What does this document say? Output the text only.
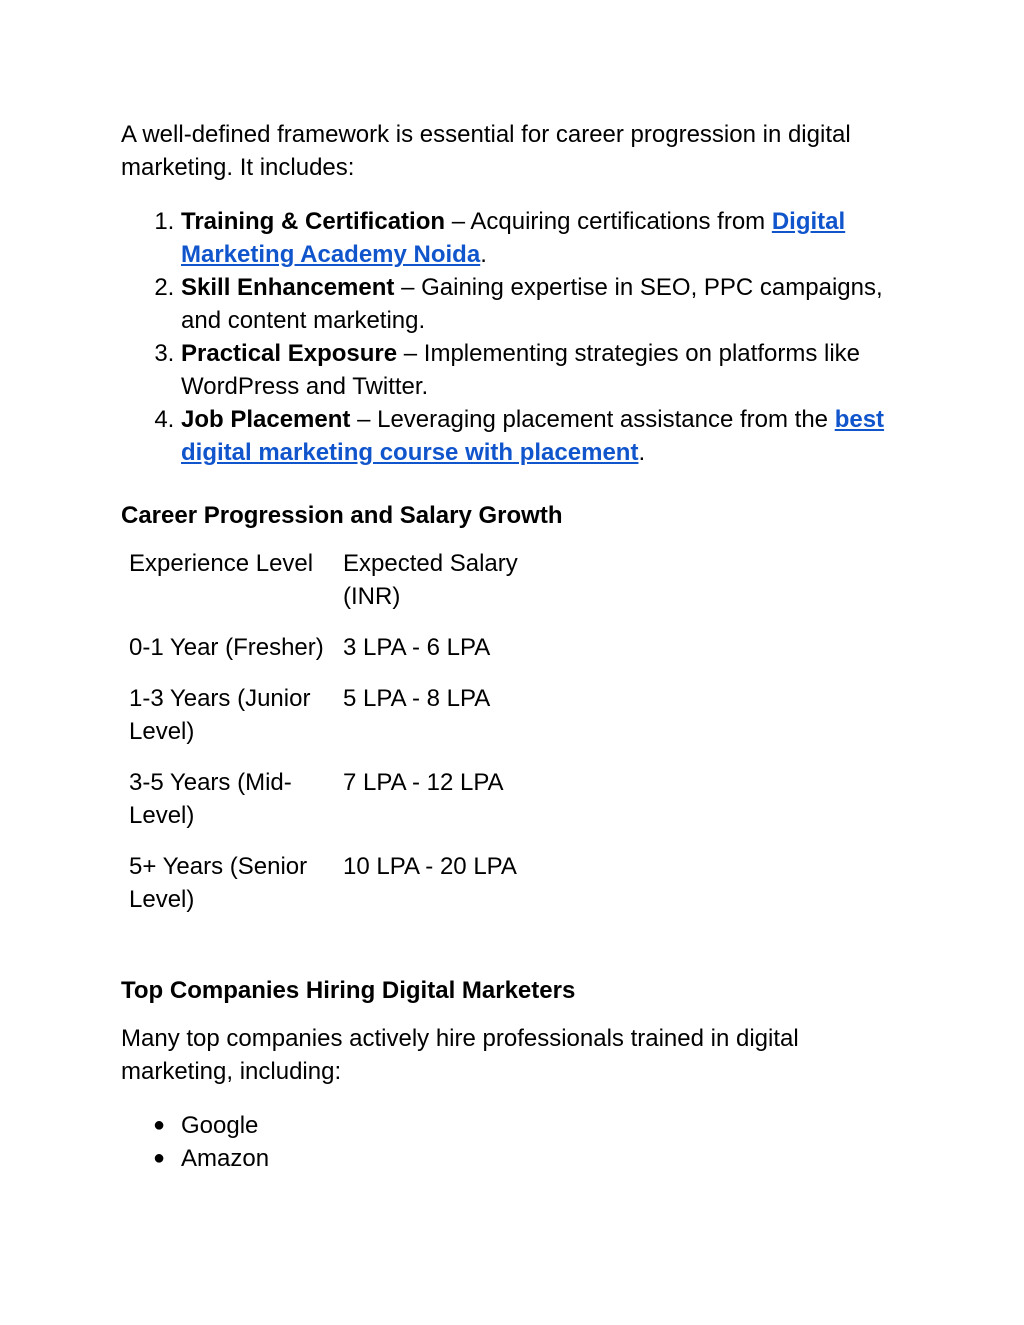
A well-defined framework is essential for career progression in digital marketing. It includes:

1. Training & Certification – Acquiring certifications from Digital Marketing Academy Noida.
2. Skill Enhancement – Gaining expertise in SEO, PPC campaigns, and content marketing.
3. Practical Exposure – Implementing strategies on platforms like WordPress and Twitter.
4. Job Placement – Leveraging placement assistance from the best digital marketing course with placement.
Career Progression and Salary Growth
Experience Level	Expected Salary (INR)
0-1 Year (Fresher)	3 LPA - 6 LPA
1-3 Years (Junior Level)	5 LPA - 8 LPA
3-5 Years (Mid-Level)	7 LPA - 12 LPA
5+ Years (Senior Level)	10 LPA - 20 LPA
Top Companies Hiring Digital Marketers

Many top companies actively hire professionals trained in digital marketing, including:

● Google
● Amazon
